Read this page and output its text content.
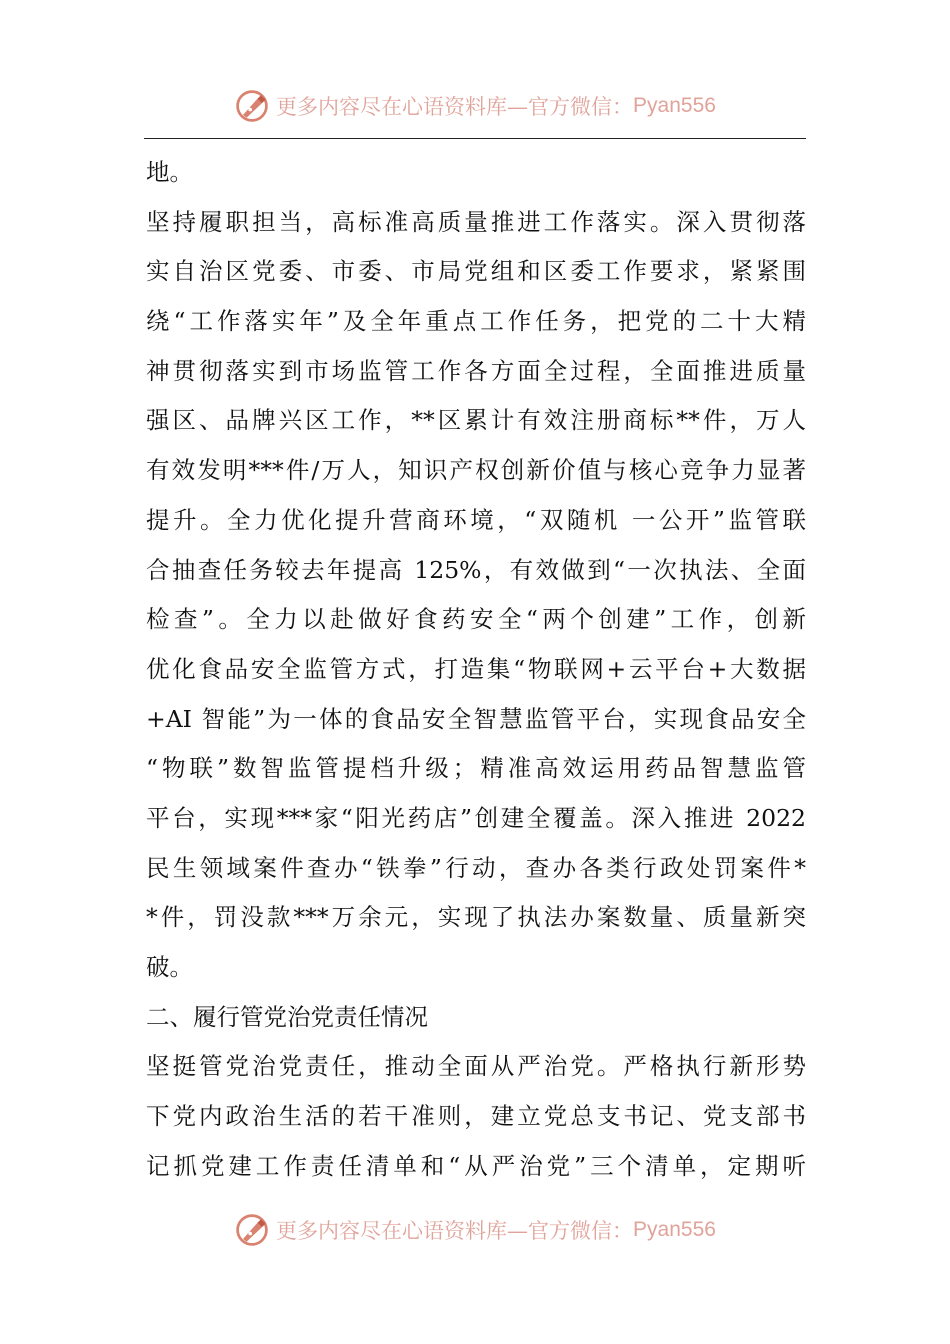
更多内容尽在心语资料库—官方微信： Pyan556
地。
坚持履职担当，高标准高质量推进工作落实。深入贯彻落
实自治区党委、市委、市局党组和区委工作要求，紧紧围
绕“工作落实年”及全年重点工作任务，把党的二十大精
神贯彻落实到市场监管工作各方面全过程，全面推进质量
强区、品牌兴区工作，**区累计有效注册商标**件，万人
有效发明***件/万人，知识产权创新价值与核心竞争力显著
提升。全力优化提升营商环境，“双随机 一公开”监管联
合抽查任务较去年提高 125%，有效做到“一次执法、全面
检查”。全力以赴做好食药安全“两个创建”工作，创新
优化食品安全监管方式，打造集“物联网+云平台+大数据
+AI 智能”为一体的食品安全智慧监管平台，实现食品安全
“物联”数智监管提档升级；精准高效运用药品智慧监管
平台，实现***家“阳光药店”创建全覆盖。深入推进 2022
民生领域案件查办“铁拳”行动，查办各类行政处罚案件*
*件，罚没款***万余元，实现了执法办案数量、质量新突
破。
二、履行管党治党责任情况
坚挺管党治党责任，推动全面从严治党。严格执行新形势
下党内政治生活的若干准则，建立党总支书记、党支部书
记抓党建工作责任清单和“从严治党”三个清单，定期听
更多内容尽在心语资料库—官方微信： Pyan556
